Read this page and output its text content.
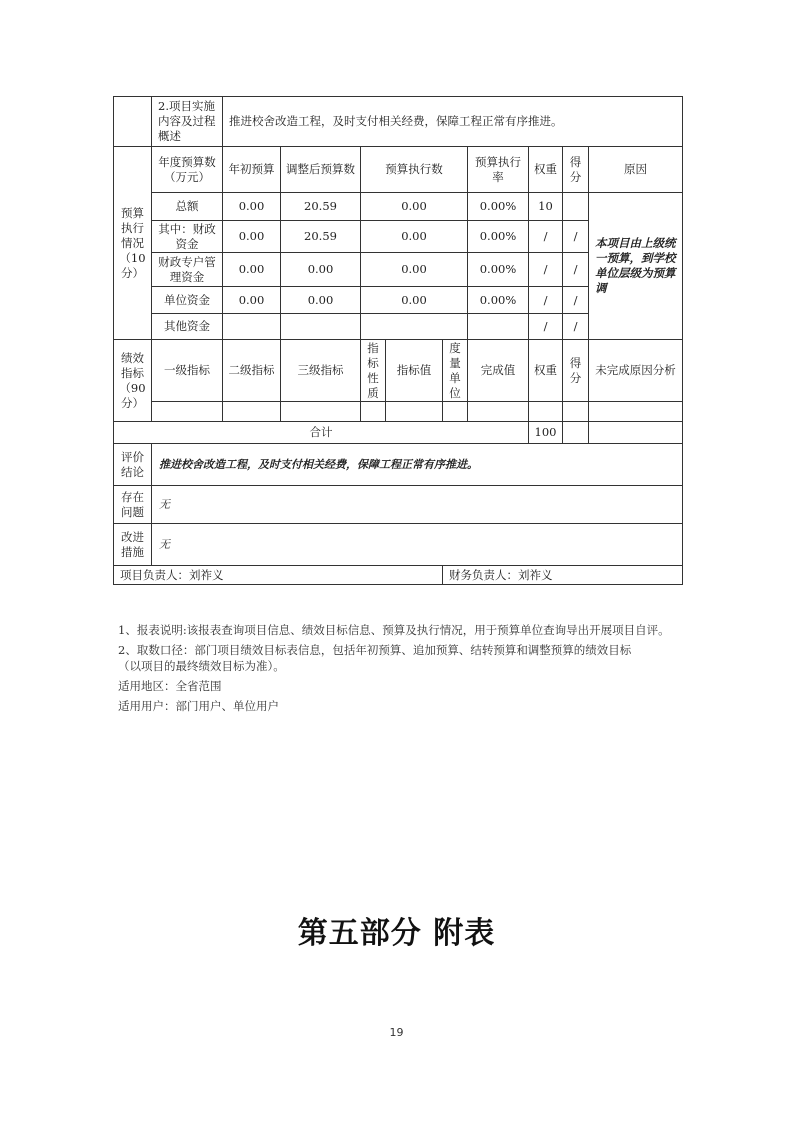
	2.项目实施内容及过程概述	推进校舍改造工程，及时支付相关经费，保障工程正常有序推进。								
预算执行情况（10分）	年度预算数（万元）	年初预算	调整后预算数	预算执行数			预算执行率	权重	得分	原因
	总额	0.00	20.59	0.00			0.00%	10		本项目由上级统一预算，到学校单位层级为预算调
	其中：财政资金	0.00	20.59	0.00			0.00%	/	/	
	财政专户管理资金	0.00	0.00	0.00			0.00%	/	/	
	单位资金	0.00	0.00	0.00			0.00%	/	/	
	其他资金							/	/	
绩效指标（90分）	一级指标	二级指标	三级指标	指标性质	指标值	度量单位	完成值	权重	得分	未完成原因分析

合计								100		
评价结论	推进校舍改造工程，及时支付相关经费，保障工程正常有序推进。									
存在问题	无									
改进措施	无									
项目负责人：刘祚义						财务负责人：刘祚义				

1、报表说明:该报表查询项目信息、绩效目标信息、预算及执行情况，用于预算单位查询导出开展项目自评。

2、取数口径：部门项目绩效目标表信息，包括年初预算、追加预算、结转预算和调整预算的绩效目标

（以项目的最终绩效目标为准）。

适用地区：全省范围

适用用户：部门用户、单位用户

第五部分 附表
19
